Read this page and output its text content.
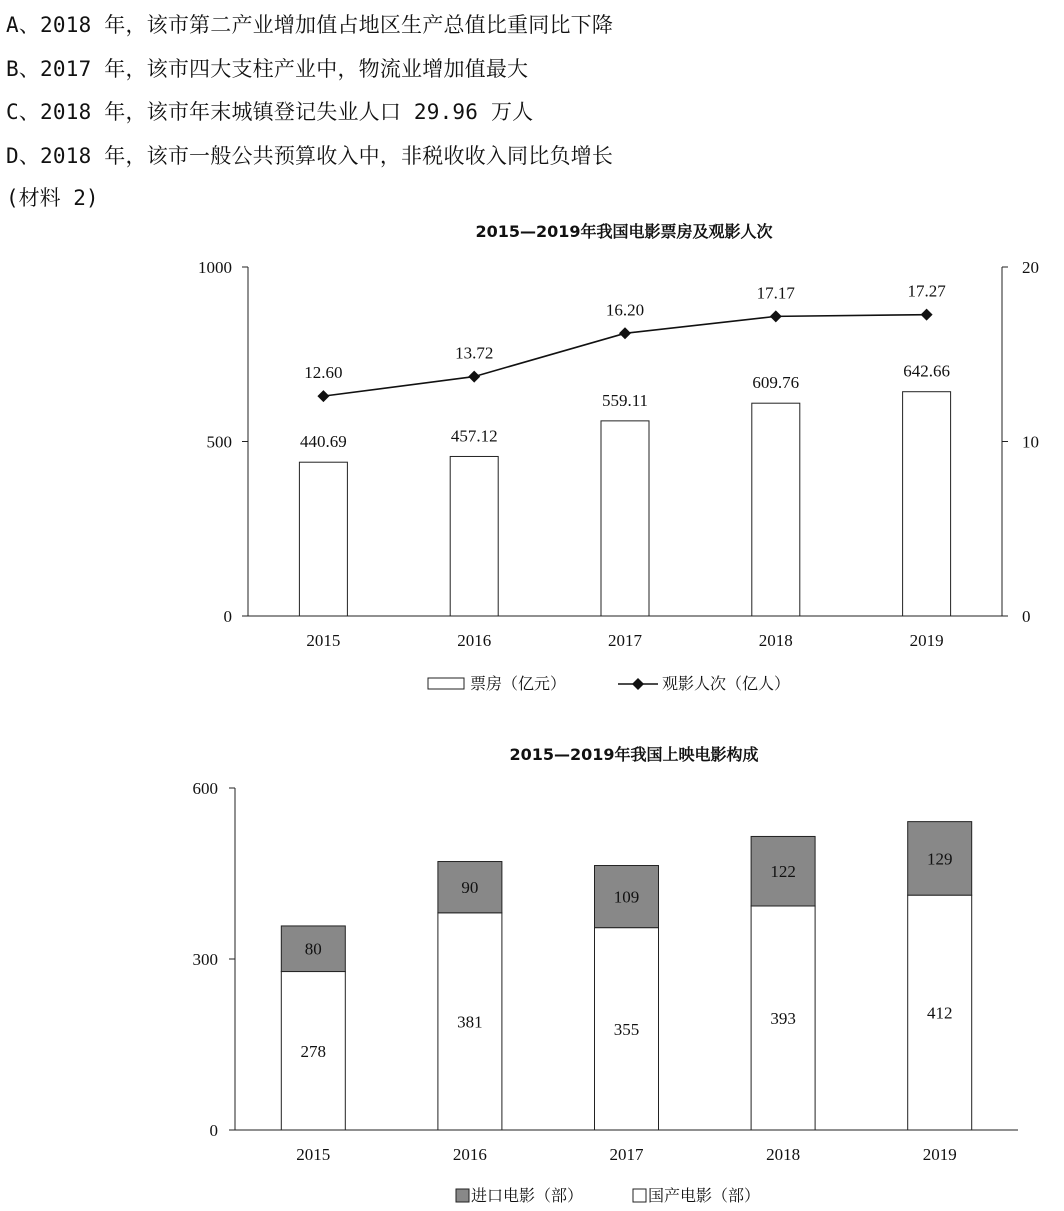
A、2018 年，该市第二产业增加值占地区生产总值比重同比下降
B、2017 年，该市四大支柱产业中，物流业增加值最大
C、2018 年，该市年末城镇登记失业人口 29.96 万人
D、2018 年，该市一般公共预算收入中，非税收收入同比负增长
(材料 2)
2015—2019年我国电影票房及观影人次
0
500
1000
0
10
20
2015	2016	2017	2018	2019
440.69	457.12
559.11
609.76
642.66
12.60
13.72
16.20
17.17	17.27
票房（亿元）	观影人次（亿人）
2015—2019年我国上映电影构成
0
300
600
2015	2016	2017	2018	2019
278
80
381
90
355
109
393
122
412
129
进口电影（部）	国产电影（部）
